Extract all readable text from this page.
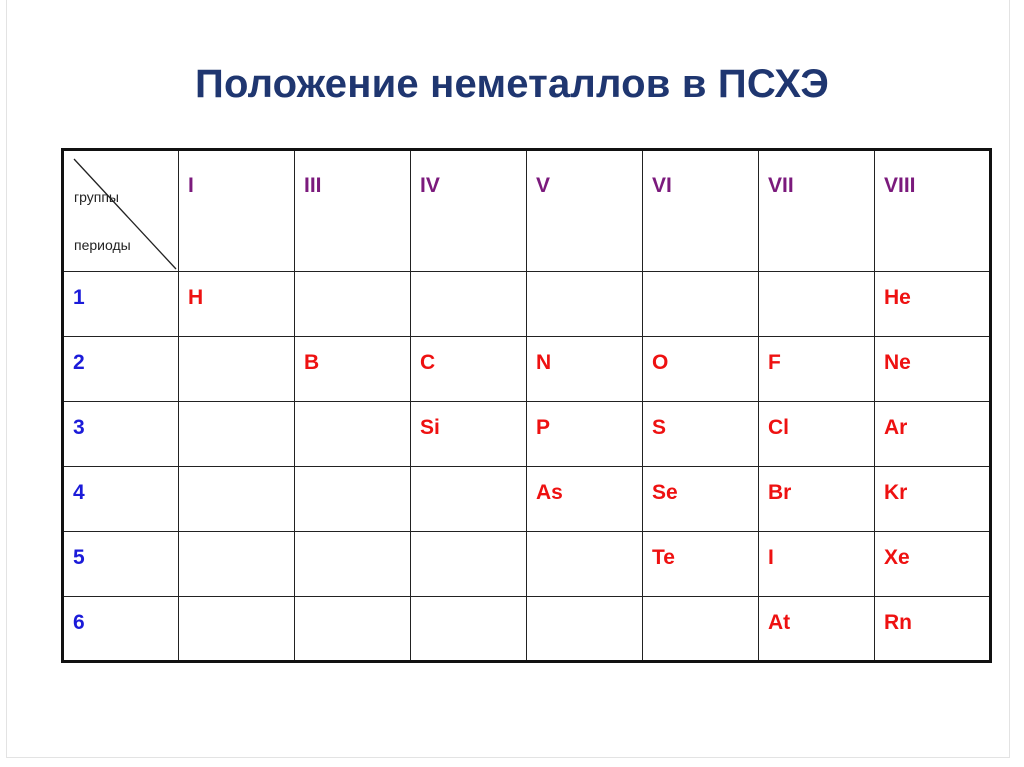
Положение неметаллов в ПСХЭ
группы
периоды	I	III	IV	V	VI	VII	VIII

1	H						He

2		B	C	N	O	F	Ne

3			Si	P	S	Cl	Ar

4				As	Se	Br	Kr

5					Te	I	Xe

6						At	Rn
